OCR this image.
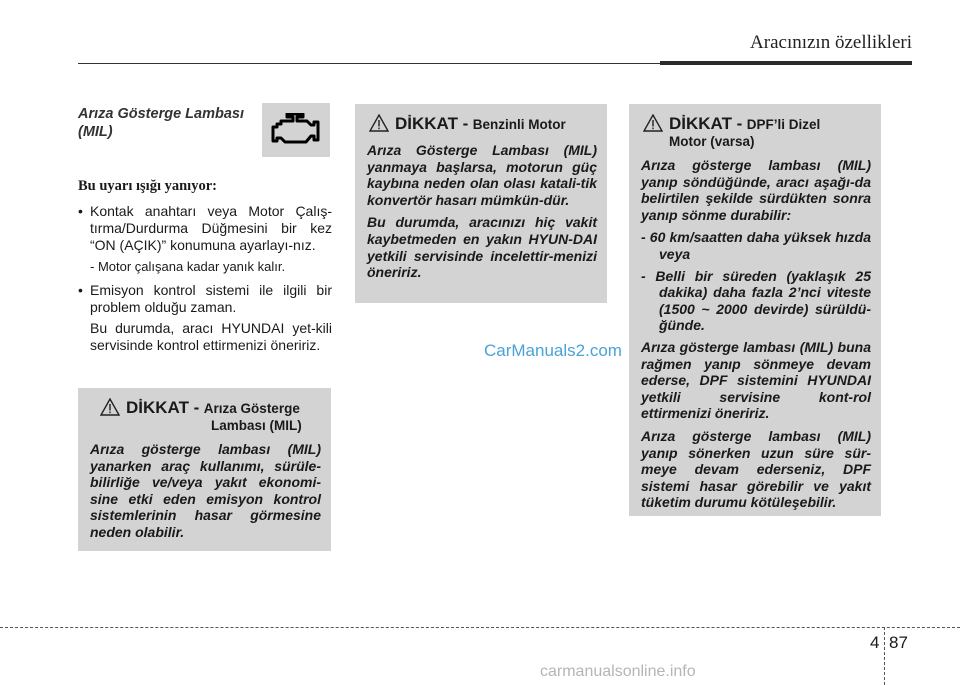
Aracınızın özellikleri
Arıza Gösterge Lambası
(MIL)
Bu uyarı ışığı yanıyor:
• Kontak anahtarı veya Motor Çalış-tırma/Durdurma Düğmesini bir kez “ON (AÇIK)” konumuna ayarlayı-nız.
- Motor çalışana kadar yanık kalır.
• Emisyon kontrol sistemi ile ilgili bir problem olduğu zaman.
Bu durumda, aracı HYUNDAI yet-kili servisinde kontrol ettirmenizi öneririz.
DİKKAT - Arıza Gösterge
Lambası (MIL)
Arıza gösterge lambası (MIL) yanarken araç kullanımı, sürüle-bilirliğe ve/veya yakıt ekonomi-sine etki eden emisyon kontrol sistemlerinin hasar görmesine neden olabilir.
DİKKAT - Benzinli Motor

Arıza Gösterge Lambası (MIL) yanmaya başlarsa, motorun güç kaybına neden olan olası katali-tik konvertör hasarı mümkün-dür.

Bu durumda, aracınızı hiç vakit kaybetmeden en yakın HYUN-DAI yetkili servisinde incelettir-menizi öneririz.

DİKKAT - DPF’li Dizel
Motor (varsa)

Arıza gösterge lambası (MIL) yanıp söndüğünde, aracı aşağı-da belirtilen şekilde sürdükten sonra yanıp sönme durabilir:

- 60 km/saatten daha yüksek hızda veya

- Belli bir süreden (yaklaşık 25 dakika) daha fazla 2’nci viteste (1500 ~ 2000 devirde) sürüldü-ğünde.

Arıza gösterge lambası (MIL) buna rağmen yanıp sönmeye devam ederse, DPF sistemini HYUNDAI yetkili servisine kont-rol ettirmenizi öneririz.

Arıza gösterge lambası (MIL) yanıp sönerken uzun süre sür-meye devam ederseniz, DPF sistemi hasar görebilir ve yakıt tüketim durumu kötüleşebilir.

CarManuals2.com
4 87
carmanualsonline.info
